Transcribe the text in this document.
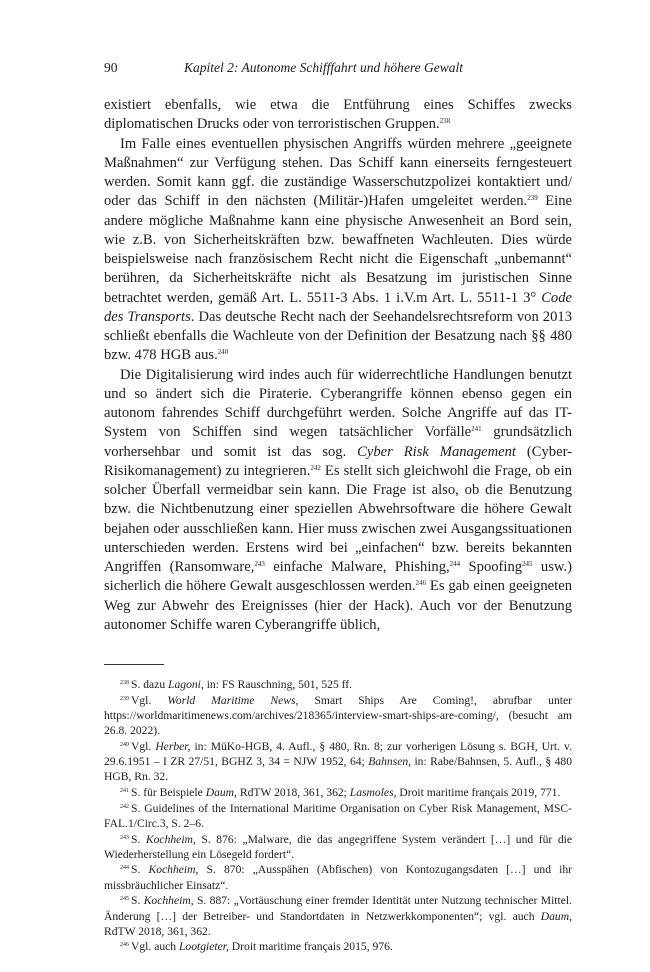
90	Kapitel 2: Autonome Schifffahrt und höhere Gewalt

existiert ebenfalls, wie etwa die Entführung eines Schiffes zwecks diplomatischen Drucks oder von terroristischen Gruppen.$^{238}$

Im Falle eines eventuellen physischen Angriffs würden mehrere „geeignete Maßnahmen“ zur Verfügung stehen. Das Schiff kann einerseits ferngesteuert werden. Somit kann ggf. die zuständige Wasserschutzpolizei kontaktiert und/ oder das Schiff in den nächsten (Militär-)Hafen umgeleitet werden.$^{239}$ Eine andere mögliche Maßnahme kann eine physische Anwesenheit an Bord sein, wie z.B. von Sicherheitskräften bzw. bewaffneten Wachleuten. Dies würde beispielsweise nach französischem Recht nicht die Eigenschaft „unbemannt“ berühren, da Sicherheitskräfte nicht als Besatzung im juristischen Sinne betrachtet werden, gemäß Art. L. 5511-3 Abs. 1 i.V.m Art. L. 5511-1 3° Code des Transports. Das deutsche Recht nach der Seehandelsrechtsreform von 2013 schließt ebenfalls die Wachleute von der Definition der Besatzung nach §§ 480 bzw. 478 HGB aus.$^{240}$

Die Digitalisierung wird indes auch für widerrechtliche Handlungen benutzt und so ändert sich die Piraterie. Cyberangriffe können ebenso gegen ein autonom fahrendes Schiff durchgeführt werden. Solche Angriffe auf das IT-System von Schiffen sind wegen tatsächlicher Vorfälle$^{241}$ grundsätzlich vorhersehbar und somit ist das sog. Cyber Risk Management (Cyber-Risikomanagement) zu integrieren.$^{242}$ Es stellt sich gleichwohl die Frage, ob ein solcher Überfall vermeidbar sein kann. Die Frage ist also, ob die Benutzung bzw. die Nichtbenutzung einer speziellen Abwehrsoftware die höhere Gewalt bejahen oder ausschließen kann. Hier muss zwischen zwei Ausgangssituationen unterschieden werden. Erstens wird bei „einfachen“ bzw. bereits bekannten Angriffen (Ransomware,$^{243}$ einfache Malware, Phishing,$^{244}$ Spoofing$^{245}$ usw.) sicherlich die höhere Gewalt ausgeschlossen werden.$^{246}$ Es gab einen geeigneten Weg zur Abwehr des Ereignisses (hier der Hack). Auch vor der Benutzung autonomer Schiffe waren Cyberangriffe üblich,

$^{238}$ S. dazu Lagoni, in: FS Rauschning, 501, 525 ff.

$^{239}$ Vgl. World Maritime News, Smart Ships Are Coming!, abrufbar unter https://worldmaritimenews.com/archives/218365/interview-smart-ships-are-coming/, (besucht am 26.8. 2022).

$^{240}$ Vgl. Herber, in: MüKo-HGB, 4. Aufl., § 480, Rn. 8; zur vorherigen Lösung s. BGH, Urt. v. 29.6.1951 – I ZR 27/51, BGHZ 3, 34 = NJW 1952, 64; Bahnsen, in: Rabe/Bahnsen, 5. Aufl., § 480 HGB, Rn. 32.

$^{241}$ S. für Beispiele Daum, RdTW 2018, 361, 362; Lasmoles, Droit maritime français 2019, 771.

$^{242}$ S. Guidelines of the International Maritime Organisation on Cyber Risk Management, MSC-FAL.1/Circ.3, S. 2–6.

$^{243}$ S. Kochheim, S. 876: „Malware, die das angegriffene System verändert […] und für die Wiederherstellung ein Lösegeld fordert“.

$^{244}$ S. Kochheim, S. 870: „Ausspähen (Abfischen) von Kontozugangsdaten […] und ihr missbräuchlicher Einsatz“.

$^{245}$ S. Kochheim, S. 887: „Vortäuschung einer fremder Identität unter Nutzung technischer Mittel. Änderung […] der Betreiber- und Standortdaten in Netzwerkkomponenten“; vgl. auch Daum, RdTW 2018, 361, 362.

$^{246}$ Vgl. auch Lootgieter, Droit maritime français 2015, 976.
